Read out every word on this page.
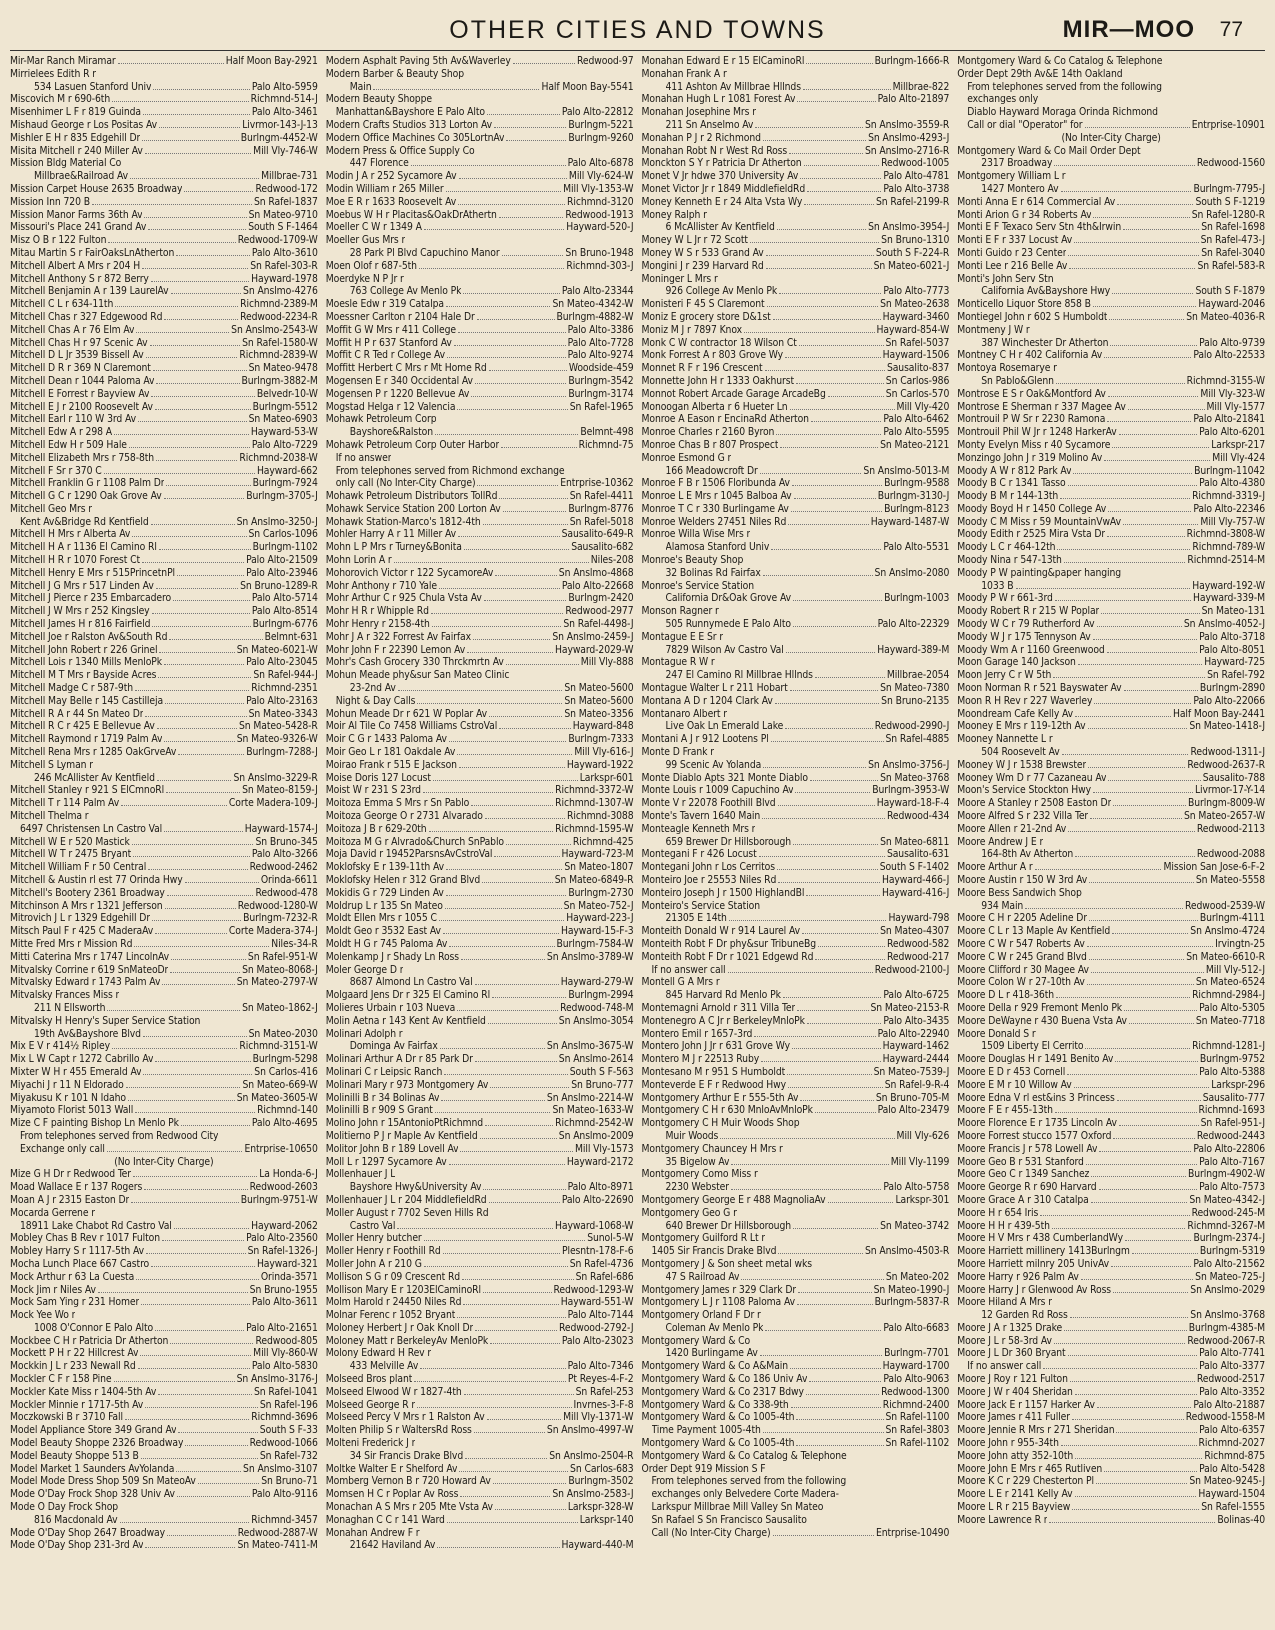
OTHER CITIES AND TOWNS	MIR—MOO 77
Mir-Mar Ranch Miramar	Half Moon Bay-2921
Mirrielees Edith R r
534 Lasuen Stanford Univ	Palo Alto-5959
Miscovich M r 690-6th	Richmnd-514-J
Misenhimer L F r 819 Guinda	Palo Alto-3461
Mishaud George r Los Positas Av	Livrmor-143-J-13
Mishler E H r 835 Edgehill Dr	Burlngm-4452-W
Misita Mitchell r 240 Miller Av	Mill Vly-746-W
Mission Bldg Material Co
Millbrae&Railroad Av	Millbrae-731
Mission Carpet House 2635 Broadway	Redwood-172
Mission Inn 720 B	Sn Rafel-1837
Mission Manor Farms 36th Av	Sn Mateo-9710
Missouri's Place 241 Grand Av	South S F-1464
Misz O B r 122 Fulton	Redwood-1709-W
Mitau Martin S r FairOaksLnAtherton	Palo Alto-3610
Mitchell Albert A Mrs r 204 H	Sn Rafel-303-R
Mitchell Anthony S r 872 Berry	Hayward-1978
Mitchell Benjamin A r 139 LaurelAv	Sn Anslmo-4276
Mitchell C L r 634-11th	Richmnd-2389-M
Mitchell Chas r 327 Edgewood Rd	Redwood-2234-R
Mitchell Chas A r 76 Elm Av	Sn Anslmo-2543-W
Mitchell Chas H r 97 Scenic Av	Sn Rafel-1580-W
Mitchell D L Jr 3539 Bissell Av	Richmnd-2839-W
Mitchell D R r 369 N Claremont	Sn Mateo-9478
Mitchell Dean r 1044 Paloma Av	Burlngm-3882-M
Mitchell E Forrest r Bayview Av	Belvedr-10-W
Mitchell E J r 2100 Roosevelt Av	Burlngm-5512
Mitchell Earl r 110 W 3rd Av	Sn Mateo-6903
Mitchell Edw A r 298 A	Hayward-53-W
Mitchell Edw H r 509 Hale	Palo Alto-7229
Mitchell Elizabeth Mrs r 758-8th	Richmnd-2038-W
Mitchell F Sr r 370 C	Hayward-662
Mitchell Franklin G r 1108 Palm Dr	Burlngm-7924
Mitchell G C r 1290 Oak Grove Av	Burlngm-3705-J
Mitchell Geo Mrs r
Kent Av&Bridge Rd Kentfield	Sn Anslmo-3250-J
Mitchell H Mrs r Alberta Av	Sn Carlos-1096
Mitchell H A r 1136 El Camino Rl	Burlngm-1102
Mitchell H R r 1070 Forest Ct	Palo Alto-21509
Mitchell Henry E Mrs r 515PrincetnPl	Palo Alto-23946
Mitchell J G Mrs r 517 Linden Av	Sn Bruno-1289-R
Mitchell J Pierce r 235 Embarcadero	Palo Alto-5714
Mitchell J W Mrs r 252 Kingsley	Palo Alto-8514
Mitchell James H r 816 Fairfield	Burlngm-6776
Mitchell Joe r Ralston Av&South Rd	Belmnt-631
Mitchell John Robert r 226 Grinel	Sn Mateo-6021-W
Mitchell Lois r 1340 Mills MenloPk	Palo Alto-23045
Mitchell M T Mrs r Bayside Acres	Sn Rafel-944-J
Mitchell Madge C r 587-9th	Richmnd-2351
Mitchell May Belle r 145 Castilleja	Palo Alto-23163
Mitchell R A r 44 Sn Mateo Dr	Sn Mateo-3343
Mitchell R C r 425 E Bellevue Av	Sn Mateo-5428-R
Mitchell Raymond r 1719 Palm Av	Sn Mateo-9326-W
Mitchell Rena Mrs r 1285 OakGrveAv	Burlngm-7288-J
Mitchell S Lyman r
246 McAllister Av Kentfield	Sn Anslmo-3229-R
Mitchell Stanley r 921 S ElCmnoRl	Sn Mateo-8159-J
Mitchell T r 114 Palm Av	Corte Madera-109-J
Mitchell Thelma r
6497 Christensen Ln Castro Val	Hayward-1574-J
Mitchell W E r 520 Mastick	Sn Bruno-345
Mitchell W T r 2475 Bryant	Palo Alto-3266
Mitchell William F r 50 Central	Redwood-2462
Mitchell & Austin rl est 77 Orinda Hwy	Orinda-6611
Mitchell's Bootery 2361 Broadway	Redwood-478
Mitchinson A Mrs r 1321 Jefferson	Redwood-1280-W
Mitrovich J L r 1329 Edgehill Dr	Burlngm-7232-R
Mitsch Paul F r 425 C MaderaAv	Corte Madera-374-J
Mitte Fred Mrs r Mission Rd	Niles-34-R
Mitti Caterina Mrs r 1747 LincolnAv	Sn Rafel-951-W
Mitvalsky Corrine r 619 SnMateoDr	Sn Mateo-8068-J
Mitvalsky Edward r 1743 Palm Av	Sn Mateo-2797-W
Mitvalsky Frances Miss r
211 N Ellsworth	Sn Mateo-1862-J
Mitvalsky H Henry's Super Service Station
19th Av&Bayshore Blvd	Sn Mateo-2030
Mix E V r 414½ Ripley	Richmnd-3151-W
Mix L W Capt r 1272 Cabrillo Av	Burlngm-5298
Mixter W H r 455 Emerald Av	Sn Carlos-416
Miyachi J r 11 N Eldorado	Sn Mateo-669-W
Miyakusu K r 101 N Idaho	Sn Mateo-3605-W
Miyamoto Florist 5013 Wall	Richmnd-140
Mize C F painting Bishop Ln Menlo Pk	Palo Alto-4695
From telephones served from Redwood City
Exchange only call	Entrprise-10650
(No Inter-City Charge)
Mize G H Dr r Redwood Ter	La Honda-6-J
Moad Wallace E r 137 Rogers	Redwood-2603
Moan A J r 2315 Easton Dr	Burlngm-9751-W
Mocarda Gerrene r
18911 Lake Chabot Rd Castro Val	Hayward-2062
Mobley Chas B Rev r 1017 Fulton	Palo Alto-23560
Mobley Harry S r 1117-5th Av	Sn Rafel-1326-J
Mocha Lunch Place 667 Castro	Hayward-321
Mock Arthur r 63 La Cuesta	Orinda-3571
Mock Jim r Niles Av	Sn Bruno-1955
Mock Sam Ying r 231 Homer	Palo Alto-3611
Mock Yee Wo r
1008 O'Connor E Palo Alto	Palo Alto-21651
Mockbee C H r Patricia Dr Atherton	Redwood-805
Mockett P H r 22 Hillcrest Av	Mill Vly-860-W
Mockkin J L r 233 Newall Rd	Palo Alto-5830
Mockler C F r 158 Pine	Sn Anslmo-3176-J
Mockler Kate Miss r 1404-5th Av	Sn Rafel-1041
Mockler Minnie r 1717-5th Av	Sn Rafel-196
Moczkowski B r 3710 Fall	Richmnd-3696
Model Appliance Store 349 Grand Av	South S F-33
Model Beauty Shoppe 2326 Broadway	Redwood-1066
Model Beauty Shoppe 513 B	Sn Rafel-732
Model Market 1 Saunders AvYolanda	Sn Anslmo-3107
Model Mode Dress Shop 509 Sn MateoAv	Sn Bruno-71
Mode O'Day Frock Shop 328 Univ Av	Palo Alto-9116
Mode O Day Frock Shop
816 Macdonald Av	Richmnd-3457
Mode O'Day Shop 2647 Broadway	Redwood-2887-W
Mode O'Day Shop 231-3rd Av	Sn Mateo-7411-M
Modern Asphalt Paving 5th Av&Waverley	Redwood-97
Modern Barber & Beauty Shop
Main	Half Moon Bay-5541
Modern Beauty Shoppe
Manhattan&Bayshore E Palo Alto	Palo Alto-22812
Modern Crafts Studios 313 Lorton Av	Burlngm-5221
Modern Office Machines Co 305LortnAv	Burlngm-9260
Modern Press & Office Supply Co
447 Florence	Palo Alto-6878
Modin J A r 252 Sycamore Av	Mill Vly-624-W
Modin William r 265 Miller	Mill Vly-1353-W
Moe E R r 1633 Roosevelt Av	Richmnd-3120
Moebus W H r Placitas&OakDrAthertn	Redwood-1913
Moeller C W r 1349 A	Hayward-520-J
Moeller Gus Mrs r
28 Park Pl Blvd Capuchino Manor	Sn Bruno-1948
Moen Olof r 687-5th	Richmnd-303-J
Moerdyke N P Jr r
763 College Av Menlo Pk	Palo Alto-23344
Moesle Edw r 319 Catalpa	Sn Mateo-4342-W
Moessner Carlton r 2104 Hale Dr	Burlngm-4882-W
Moffit G W Mrs r 411 College	Palo Alto-3386
Moffit H P r 637 Stanford Av	Palo Alto-7728
Moffit C R Ted r College Av	Palo Alto-9274
Moffitt Herbert C Mrs r Mt Home Rd	Woodside-459
Mogensen E r 340 Occidental Av	Burlngm-3542
Mogensen P r 1220 Bellevue Av	Burlngm-3174
Mogstad Helga r 12 Valencia	Sn Rafel-1965
Mohawk Petroleum Corp
Bayshore&Ralston	Belmnt-498
Mohawk Petroleum Corp Outer Harbor	Richmnd-75
If no answer
From telephones served from Richmond exchange
only call (No Inter-City Charge)	Entrprise-10362
Mohawk Petroleum Distributors TollRd	Sn Rafel-4411
Mohawk Service Station 200 Lorton Av	Burlngm-8776
Mohawk Station-Marco's 1812-4th	Sn Rafel-5018
Mohler Harry A r 11 Miller Av	Sausalito-649-R
Mohn L P Mrs r Turney&Bonita	Sausalito-682
Mohn Lorin A r	Niles-208
Mohorovich Victor r 122 SycamoreAv	Sn Anslmo-4868
Mohr Anthony r 710 Yale	Palo Alto-22668
Mohr Arthur C r 925 Chula Vsta Av	Burlngm-2420
Mohr H R r Whipple Rd	Redwood-2977
Mohr Henry r 2158-4th	Sn Rafel-4498-J
Mohr J A r 322 Forrest Av Fairfax	Sn Anslmo-2459-J
Mohr John F r 22390 Lemon Av	Hayward-2029-W
Mohr's Cash Grocery 330 Thrckmrtn Av	Mill Vly-888
Mohun Meade phy&sur San Mateo Clinic
23-2nd Av	Sn Mateo-5600
Night & Day Calls	Sn Mateo-5600
Mohun Meade Dr r 621 W Poplar Av	Sn Mateo-3356
Moir Al Tile Co 7458 Williams CstroVal	Hayward-848
Moir C G r 1433 Paloma Av	Burlngm-7333
Moir Geo L r 181 Oakdale Av	Mill Vly-616-J
Moirao Frank r 515 E Jackson	Hayward-1922
Moise Doris 127 Locust	Larkspr-601
Moist W r 231 S 23rd	Richmnd-3372-W
Moitoza Emma S Mrs r Sn Pablo	Richmnd-1307-W
Moitoza George O r 2731 Alvarado	Richmnd-3088
Moitoza J B r 629-20th	Richmnd-1595-W
Moitoza M G r Alvrado&Church SnPablo	Richmnd-425
Moja David r 19452ParsnsAvCstroVal	Hayward-723-M
Moklofsky E r 139-11th Av	Sn Mateo-1807
Moklofsky Helen r 312 Grand Blvd	Sn Mateo-6849-R
Mokidis G r 729 Linden Av	Burlngm-2730
Moldrup L r 135 Sn Mateo	Sn Mateo-752-J
Moldt Ellen Mrs r 1055 C	Hayward-223-J
Moldt Geo r 3532 East Av	Hayward-15-F-3
Moldt H G r 745 Paloma Av	Burlngm-7584-W
Molenkamp J r Shady Ln Ross	Sn Anslmo-3789-W
Moler George D r
8687 Almond Ln Castro Val	Hayward-279-W
Molgaard Jens Dr r 325 El Camino Rl	Burlngm-2994
Molieres Urbain r 103 Nueva	Redwood-748-M
Molin Aetna r 143 Kent Av Kentfield	Sn Anslmo-3054
Molinari Adolph r
Dominga Av Fairfax	Sn Anslmo-3675-W
Molinari Arthur A Dr r 85 Park Dr	Sn Anslmo-2614
Molinari C r Leipsic Ranch	South S F-563
Molinari Mary r 973 Montgomery Av	Sn Bruno-777
Molinilli B r 34 Bolinas Av	Sn Anslmo-2214-W
Molinilli B r 909 S Grant	Sn Mateo-1633-W
Molino John r 15AntonioPtRichmnd	Richmnd-2542-W
Molitierno P J r Maple Av Kentfield	Sn Anslmo-2009
Molitor John B r 189 Lovell Av	Mill Vly-1573
Moll L r 1297 Sycamore Av	Hayward-2172
Mollenhauer J L
Bayshore Hwy&University Av	Palo Alto-8971
Mollenhauer J L r 204 MiddlefieldRd	Palo Alto-22690
Moller August r 7702 Seven Hills Rd
Castro Val	Hayward-1068-W
Moller Henry butcher	Sunol-5-W
Moller Henry r Foothill Rd	Plesntn-178-F-6
Moller John A r 210 G	Sn Rafel-4736
Mollison S G r 09 Crescent Rd	Sn Rafel-686
Mollison Mary E r 1203ElCaminoRl	Redwood-1293-W
Molm Harold r 24450 Niles Rd	Hayward-551-W
Molnar Ferenc r 1052 Bryant	Palo Alto-7144
Moloney Herbert J r Oak Knoll Dr	Redwood-2792-J
Moloney Matt r BerkeleyAv MenloPk	Palo Alto-23023
Molony Edward H Rev r
433 Melville Av	Palo Alto-7346
Molseed Bros plant	Pt Reyes-4-F-2
Molseed Elwood W r 1827-4th	Sn Rafel-253
Molseed George R r	Invrnes-3-F-8
Molseed Percy V Mrs r 1 Ralston Av	Mill Vly-1371-W
Molten Philip S r WaltersRd Ross	Sn Anslmo-4997-W
Molteni Frederick J r
34 Sir Francis Drake Blvd	Sn Anslmo-2504-R
Moltke Walter E r Shelford Av	Sn Carlos-683
Momberg Vernon B r 720 Howard Av	Burlngm-3502
Momsen H C r Poplar Av Ross	Sn Anslmo-2583-J
Monachan A S Mrs r 205 Mte Vsta Av	Larkspr-328-W
Monaghan C C r 141 Ward	Larkspr-140
Monahan Andrew F r
21642 Haviland Av	Hayward-440-M
Monahan Edward E r 15 ElCaminoRl	Burlngm-1666-R
Monahan Frank A r
411 Ashton Av Millbrae Hllnds	Millbrae-822
Monahan Hugh L r 1081 Forest Av	Palo Alto-21897
Monahan Josephine Mrs r
211 Sn Anselmo Av	Sn Anslmo-3559-R
Monahan P J r 2 Richmond	Sn Anslmo-4293-J
Monahan Robt N r West Rd Ross	Sn Anslmo-2716-R
Monckton S Y r Patricia Dr Atherton	Redwood-1005
Monet V Jr hdwe 370 University Av	Palo Alto-4781
Monet Victor Jr r 1849 MiddlefieldRd	Palo Alto-3738
Money Kenneth E r 24 Alta Vsta Wy	Sn Rafel-2199-R
Money Ralph r
6 McAllister Av Kentfield	Sn Anslmo-3954-J
Money W L Jr r 72 Scott	Sn Bruno-1310
Money W S r 533 Grand Av	South S F-224-R
Mongini J r 239 Harvard Rd	Sn Mateo-6021-J
Moninger L Mrs r
926 College Av Menlo Pk	Palo Alto-7773
Monisteri F 45 S Claremont	Sn Mateo-2638
Moniz E grocery store D&1st	Hayward-3460
Moniz M J r 7897 Knox	Hayward-854-W
Monk C W contractor 18 Wilson Ct	Sn Rafel-5037
Monk Forrest A r 803 Grove Wy	Hayward-1506
Monnet R F r 196 Crescent	Sausalito-837
Monnette John H r 1333 Oakhurst	Sn Carlos-986
Monnot Robert Arcade Garage ArcadeBg	Sn Carlos-570
Monoogan Alberta r 6 Hueter Ln	Mill Vly-420
Monroe A Eason r EncinaRd Atherton	Palo Alto-6462
Monroe Charles r 2160 Byron	Palo Alto-5595
Monroe Chas B r 807 Prospect	Sn Mateo-2121
Monroe Esmond G r
166 Meadowcroft Dr	Sn Anslmo-5013-M
Monroe F B r 1506 Floribunda Av	Burlngm-9588
Monroe L E Mrs r 1045 Balboa Av	Burlngm-3130-J
Monroe T C r 330 Burlingame Av	Burlngm-8123
Monroe Welders 27451 Niles Rd	Hayward-1487-W
Monroe Willa Wise Mrs r
Alamosa Stanford Univ	Palo Alto-5531
Monroe's Beauty Shop
32 Bolinas Rd Fairfax	Sn Anslmo-2080
Monroe's Service Station
California Dr&Oak Grove Av	Burlngm-1003
Monson Ragner r
505 Runnymede E Palo Alto	Palo Alto-22329
Montague E E Sr r
7829 Wilson Av Castro Val	Hayward-389-M
Montague R W r
247 El Camino Rl Millbrae Hllnds	Millbrae-2054
Montague Walter L r 211 Hobart	Sn Mateo-7380
Montana A D r 1204 Clark Av	Sn Bruno-2135
Montanaro Albert r
Live Oak Ln Emerald Lake	Redwood-2990-J
Montani A J r 912 Lootens Pl	Sn Rafel-4885
Monte D Frank r
99 Scenic Av Yolanda	Sn Anslmo-3756-J
Monte Diablo Apts 321 Monte Diablo	Sn Mateo-3768
Monte Louis r 1009 Capuchino Av	Burlngm-3953-W
Monte V r 22078 Foothill Blvd	Hayward-18-F-4
Monte's Tavern 1640 Main	Redwood-434
Monteagle Kenneth Mrs r
659 Brewer Dr Hillsborough	Sn Mateo-6811
Montegani F r 426 Locust	Sausalito-631
Montegani John r Los Cerritos	South S F-1402
Monteiro Joe r 25553 Niles Rd	Hayward-466-J
Monteiro Joseph J r 1500 HighlandBl	Hayward-416-J
Monteiro's Service Station
21305 E 14th	Hayward-798
Monteith Donald W r 914 Laurel Av	Sn Mateo-4307
Monteith Robt F Dr phy&sur TribuneBg	Redwood-582
Monteith Robt F Dr r 1021 Edgewd Rd	Redwood-217
If no answer call	Redwood-2100-J
Montell G A Mrs r
845 Harvard Rd Menlo Pk	Palo Alto-6725
Montemagni Arnold r 311 Villa Ter	Sn Mateo-2153-R
Montenegro A C Jr r BerkeleyMnloPk	Palo Alto-3435
Montero Emil r 1657-3rd	Palo Alto-22940
Montero John J Jr r 631 Grove Wy	Hayward-1462
Montero M J r 22513 Ruby	Hayward-2444
Montesano M r 951 S Humboldt	Sn Mateo-7539-J
Monteverde E F r Redwood Hwy	Sn Rafel-9-R-4
Montgomery Arthur E r 555-5th Av	Sn Bruno-705-M
Montgomery C H r 630 MnloAvMnloPk	Palo Alto-23479
Montgomery C H Muir Woods Shop
Muir Woods	Mill Vly-626
Montgomery Chauncey H Mrs r
35 Bigelow Av	Mill Vly-1199
Montgomery Como Miss r
2230 Webster	Palo Alto-5758
Montgomery George E r 488 MagnoliaAv	Larkspr-301
Montgomery Geo G r
640 Brewer Dr Hillsborough	Sn Mateo-3742
Montgomery Guilford R Lt r
1405 Sir Francis Drake Blvd	Sn Anslmo-4503-R
Montgomery J & Son sheet metal wks
47 S Railroad Av	Sn Mateo-202
Montgomery James r 329 Clark Dr	Sn Mateo-1990-J
Montgomery L J r 1108 Paloma Av	Burlngm-5837-R
Montgomery Orland F Dr r
Coleman Av Menlo Pk	Palo Alto-6683
Montgomery Ward & Co
1420 Burlingame Av	Burlngm-7701
Montgomery Ward & Co A&Main	Hayward-1700
Montgomery Ward & Co 186 Univ Av	Palo Alto-9063
Montgomery Ward & Co 2317 Bdwy	Redwood-1300
Montgomery Ward & Co 338-9th	Richmnd-2400
Montgomery Ward & Co 1005-4th	Sn Rafel-1100
Time Payment 1005-4th	Sn Rafel-3803
Montgomery Ward & Co 1005-4th	Sn Rafel-1102
Montgomery Ward & Co Catalog & Telephone
Order Dept 919 Mission S F
From telephones served from the following
exchanges only Belvedere Corte Madera-
Larkspur Millbrae Mill Valley Sn Mateo
Sn Rafael S Sn Francisco Sausalito
Call (No Inter-City Charge)	Entrprise-10490
Montgomery Ward & Co Catalog & Telephone
Order Dept 29th Av&E 14th Oakland
From telephones served from the following
exchanges only
Diablo Hayward Moraga Orinda Richmond
Call or dial "Operator" for	Entrprise-10901
(No Inter-City Charge)
Montgomery Ward & Co Mail Order Dept
2317 Broadway	Redwood-1560
Montgomery William L r
1427 Montero Av	Burlngm-7795-J
Monti Anna E r 614 Commercial Av	South S F-1219
Monti Arion G r 34 Roberts Av	Sn Rafel-1280-R
Monti E F Texaco Serv Stn 4th&Irwin	Sn Rafel-1698
Monti E F r 337 Locust Av	Sn Rafel-473-J
Monti Guido r 23 Center	Sn Rafel-3040
Monti Lee r 216 Belle Av	Sn Rafel-583-R
Monti's John Serv Stn
California Av&Bayshore Hwy	South S F-1879
Monticello Liquor Store 858 B	Hayward-2046
Montiegel John r 602 S Humboldt	Sn Mateo-4036-R
Montmeny J W r
387 Winchester Dr Atherton	Palo Alto-9739
Montney C H r 402 California Av	Palo Alto-22533
Montoya Rosemarye r
Sn Pablo&Glenn	Richmnd-3155-W
Montrose E S r Oak&Montford Av	Mill Vly-323-W
Montrose E Sherman r 337 Magee Av	Mill Vly-1577
Montrouil P W Sr r 2230 Ramona	Palo Alto-21841
Montrouil Phil W Jr r 1248 HarkerAv	Palo Alto-6201
Monty Evelyn Miss r 40 Sycamore	Larkspr-217
Monzingo John J r 319 Molino Av	Mill Vly-424
Moody A W r 812 Park Av	Burlngm-11042
Moody B C r 1341 Tasso	Palo Alto-4380
Moody B M r 144-13th	Richmnd-3319-J
Moody Boyd H r 1450 College Av	Palo Alto-22346
Moody C M Miss r 59 MountainVwAv	Mill Vly-757-W
Moody Edith r 2525 Mira Vsta Dr	Richmnd-3808-W
Moody L C r 464-12th	Richmnd-789-W
Moody Nina r 547-13th	Richmnd-2514-M
Moody P W painting&paper hanging
1033 B	Hayward-192-W
Moody P W r 661-3rd	Hayward-339-M
Moody Robert R r 215 W Poplar	Sn Mateo-131
Moody W C r 79 Rutherford Av	Sn Anslmo-4052-J
Moody W J r 175 Tennyson Av	Palo Alto-3718
Moody Wm A r 1160 Greenwood	Palo Alto-8051
Moon Garage 140 Jackson	Hayward-725
Moon Jerry C r W 5th	Sn Rafel-792
Moon Norman R r 521 Bayswater Av	Burlngm-2890
Moon R H Rev r 227 Waverley	Palo Alto-22066
Moondream Cafe Kelly Av	Half Moon Bay-2441
Mooney E Mrs r 119-12th Av	Sn Mateo-1418-J
Mooney Nannette L r
504 Roosevelt Av	Redwood-1311-J
Mooney W J r 1538 Brewster	Redwood-2637-R
Mooney Wm D r 77 Cazaneau Av	Sausalito-788
Moon's Service Stockton Hwy	Livrmor-17-Y-14
Moore A Stanley r 2508 Easton Dr	Burlngm-8009-W
Moore Alfred S r 232 Villa Ter	Sn Mateo-2657-W
Moore Allen r 21-2nd Av	Redwood-2113
Moore Andrew J E r
164-8th Av Atherton	Redwood-2088
Moore Arthur A r	Mission San Jose-6-F-2
Moore Austin r 150 W 3rd Av	Sn Mateo-5558
Moore Bess Sandwich Shop
934 Main	Redwood-2539-W
Moore C H r 2205 Adeline Dr	Burlngm-4111
Moore C L r 13 Maple Av Kentfield	Sn Anslmo-4724
Moore C W r 547 Roberts Av	Irvingtn-25
Moore C W r 245 Grand Blvd	Sn Mateo-6610-R
Moore Clifford r 30 Magee Av	Mill Vly-512-J
Moore Colon W r 27-10th Av	Sn Mateo-6524
Moore D L r 418-36th	Richmnd-2984-J
Moore Della r 929 Fremont Menlo Pk	Palo Alto-5305
Moore DeWayne r 430 Buena Vsta Av	Sn Mateo-7718
Moore Donald S r
1509 Liberty El Cerrito	Richmnd-1281-J
Moore Douglas H r 1491 Benito Av	Burlngm-9752
Moore E D r 453 Cornell	Palo Alto-5388
Moore E M r 10 Willow Av	Larkspr-296
Moore Edna V rl est&ins 3 Princess	Sausalito-777
Moore F E r 455-13th	Richmnd-1693
Moore Florence E r 1735 Lincoln Av	Sn Rafel-951-J
Moore Forrest stucco 1577 Oxford	Redwood-2443
Moore Francis J r 578 Lowell Av	Palo Alto-22806
Moore Geo B r 531 Stanford	Palo Alto-7167
Moore Geo C r 1349 Sanchez	Burlngm-4902-W
Moore George R r 690 Harvard	Palo Alto-7573
Moore Grace A r 310 Catalpa	Sn Mateo-4342-J
Moore H r 654 Iris	Redwood-245-M
Moore H H r 439-5th	Richmnd-3267-M
Moore H V Mrs r 438 CumberlandWy	Burlngm-2374-J
Moore Harriett millinery 1413Burlngm	Burlngm-5319
Moore Harriett milnry 205 UnivAv	Palo Alto-21562
Moore Harry r 926 Palm Av	Sn Mateo-725-J
Moore Harry J r Glenwood Av Ross	Sn Anslmo-2029
Moore Hiland A Mrs r
12 Garden Rd Ross	Sn Anslmo-3768
Moore J A r 1325 Drake	Burlngm-4385-M
Moore J L r 58-3rd Av	Redwood-2067-R
Moore J L Dr 360 Bryant	Palo Alto-7741
If no answer call	Palo Alto-3377
Moore J Roy r 121 Fulton	Redwood-2517
Moore J W r 404 Sheridan	Palo Alto-3352
Moore Jack E r 1157 Harker Av	Palo Alto-21887
Moore James r 411 Fuller	Redwood-1558-M
Moore Jennie R Mrs r 271 Sheridan	Palo Alto-6357
Moore John r 955-34th	Richmnd-2027
Moore John atty 352-10th	Richmnd-875
Moore John E Mrs r 465 Rutliven	Palo Alto-5428
Moore K C r 229 Chesterton Pl	Sn Mateo-9245-J
Moore L E r 2141 Kelly Av	Hayward-1504
Moore L R r 215 Bayview	Sn Rafel-1555
Moore Lawrence R r	Bolinas-40
